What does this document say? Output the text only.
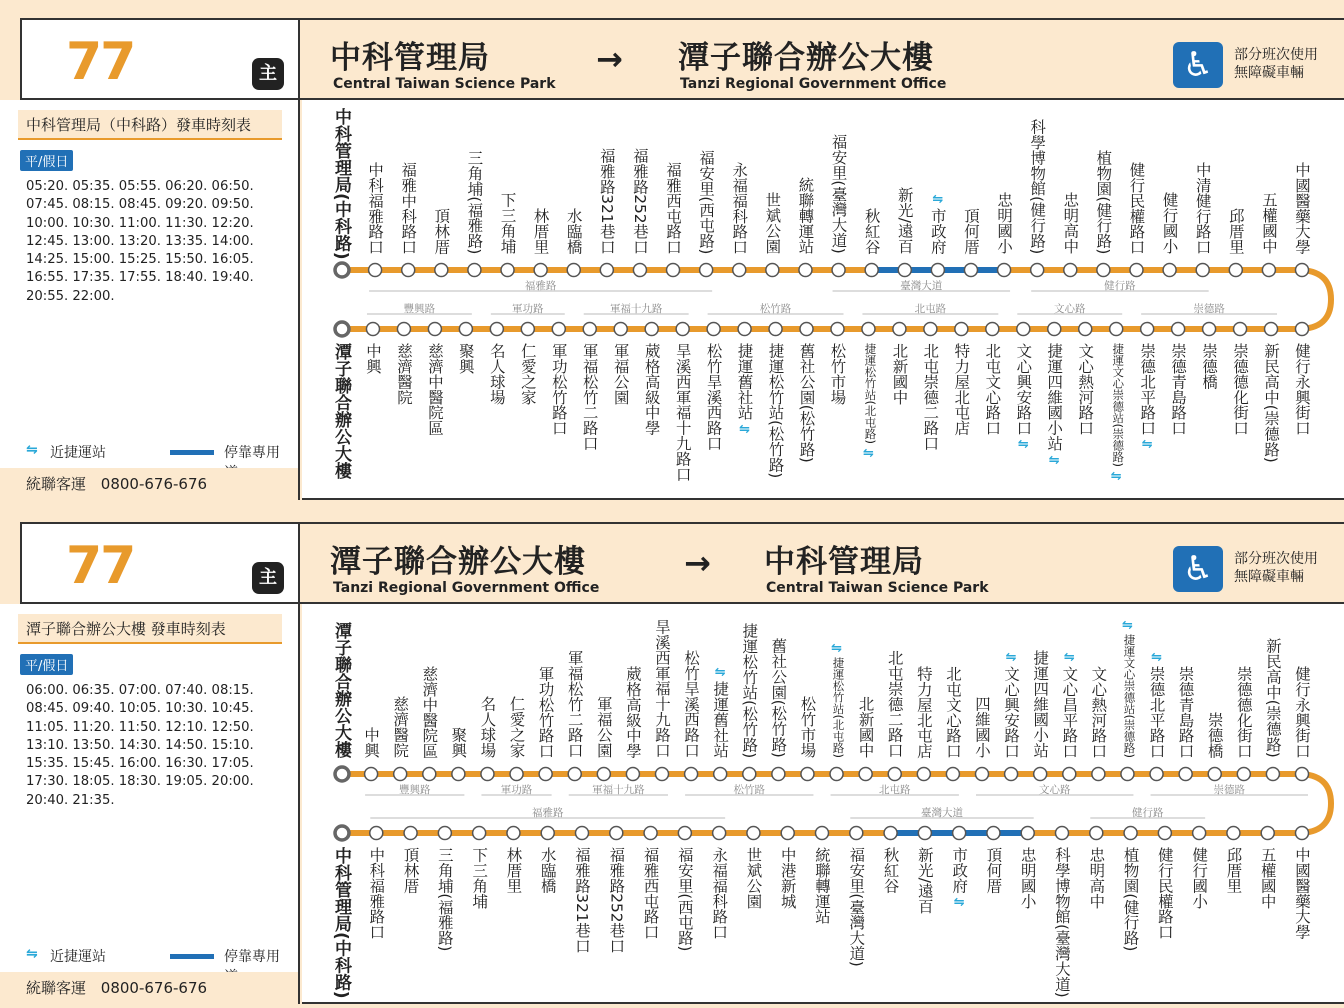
77	主 中科管理局
Central Taiwan Science Park
→ 潭子聯合辦公大樓
Tanzi Regional Government Office	♿	部分班次使用
無障礙車輛
中科管理局（中科路）發車時刻表
平/假日
05:20. 05:35. 05:55. 06:20. 06:50.
07:45. 08:15. 08:45. 09:20. 09:50.
10:00. 10:30. 11:00. 11:30. 12:20.
12:45. 13:00. 13:20. 13:35. 14:00.
14:25. 15:00. 15:25. 15:50. 16:05.
16:55. 17:35. 17:55. 18:40. 19:40.
20:55. 22:00.
⇋ 近捷運站	停靠專用
統聯客運 0800-676-676
福雅路	臺灣大道	健行路
豐興路	軍功路	軍福十九路	松竹路	北屯路	文心路	崇德路
中科管理局(中科路) 中科福雅路口 福雅中科路口 頂林厝 三角埔(福雅路) 下三角埔 林厝里 水臨橋 福雅路321巷口 福雅路252巷口 福雅西屯路口 福安里(西屯路) 永福福科路口 世斌公園 統聯轉運站 福安里(臺灣大道) 秋紅谷 新光/遠百 市政府
⇋
頂何厝 忠明國小 科學博物館(健行路) 忠明高中 植物園(健行路) 健行民權路口 健行國小 中清健行路口 邱厝里 五權國中 中國醫藥大學
潭子聯合辦公大樓 中興 慈濟醫院 慈濟中醫院區 聚興 名人球場 仁愛之家 軍功松竹路口 軍福松竹二路口 軍福公園 葳格高級中學 旱溪西軍福十九路口 松竹旱溪西路口 捷運舊社站
⇋ 捷運松竹站(松竹路) 舊社公園(松竹路) 松竹市場 捷運松竹站(北屯路)
⇋
北新國中 北屯崇德二路口 特力屋北屯店 北屯文心路口 文心興安路口
⇋ 捷運四維國小站
⇋
文心熱河路口 捷運文心崇德站(崇德路)
⇋
崇德北平路口
⇋
崇德青島路口 崇德橋 崇德德化街口 新民高中(崇德路) 健行永興街口
77	主 潭子聯合辦公大樓
Tanzi Regional Government Office
→ 中科管理局
Central Taiwan Science Park	♿	部分班次使用
無障礙車輛
潭子聯合辦公大樓 發車時刻表
平/假日
06:00. 06:35. 07:00. 07:40. 08:15.
08:45. 09:40. 10:05. 10:30. 10:45.
11:05. 11:20. 11:50. 12:10. 12:50.
13:10. 13:50. 14:30. 14:50. 15:10.
15:35. 15:45. 16:00. 16:30. 17:05.
17:30. 18:05. 18:30. 19:05. 20:00.
20:40. 21:35.
⇋ 近捷運站	停靠專用
統聯客運 0800-676-676
豐興路	軍功路	軍福十九路	松竹路	北屯路	文心路	崇德路
福雅路	臺灣大道	健行路
潭子聯合辦公大樓 中興 慈濟醫院 慈濟中醫院區 聚興 名人球場 仁愛之家 軍功松竹路口 軍福松竹二路口 軍福公園 葳格高級中學 旱溪西軍福十九路口 松竹旱溪西路口 捷運舊社站
⇋ 捷運松竹站(松竹路) 舊社公園(松竹路) 松竹市場 捷運松竹站(北屯路)
⇋
北新國中 北屯崇德二路口 特力屋北屯店 北屯文心路口 四維國小 文心興安路口
⇋ 捷運四維國小站 文心昌平路口
⇋
文心熱河路口 捷運文心崇德站(崇德路)
⇋
崇德北平路口
⇋
崇德青島路口 崇德橋 崇德德化街口 新民高中(崇德路) 健行永興街口
中科管理局(中科路) 中科福雅路口 頂林厝 三角埔(福雅路) 下三角埔 林厝里 水臨橋 福雅路321巷口 福雅路252巷口 福雅西屯路口 福安里(西屯路) 永福福科路口 世斌公園 中港新城 統聯轉運站 福安里(臺灣大道) 秋紅谷 新光/遠百 市政府
⇋
頂何厝 忠明國小 科學博物館(臺灣大道) 忠明高中 植物園(健行路) 健行民權路口 健行國小 邱厝里 五權國中 中國醫藥大學
